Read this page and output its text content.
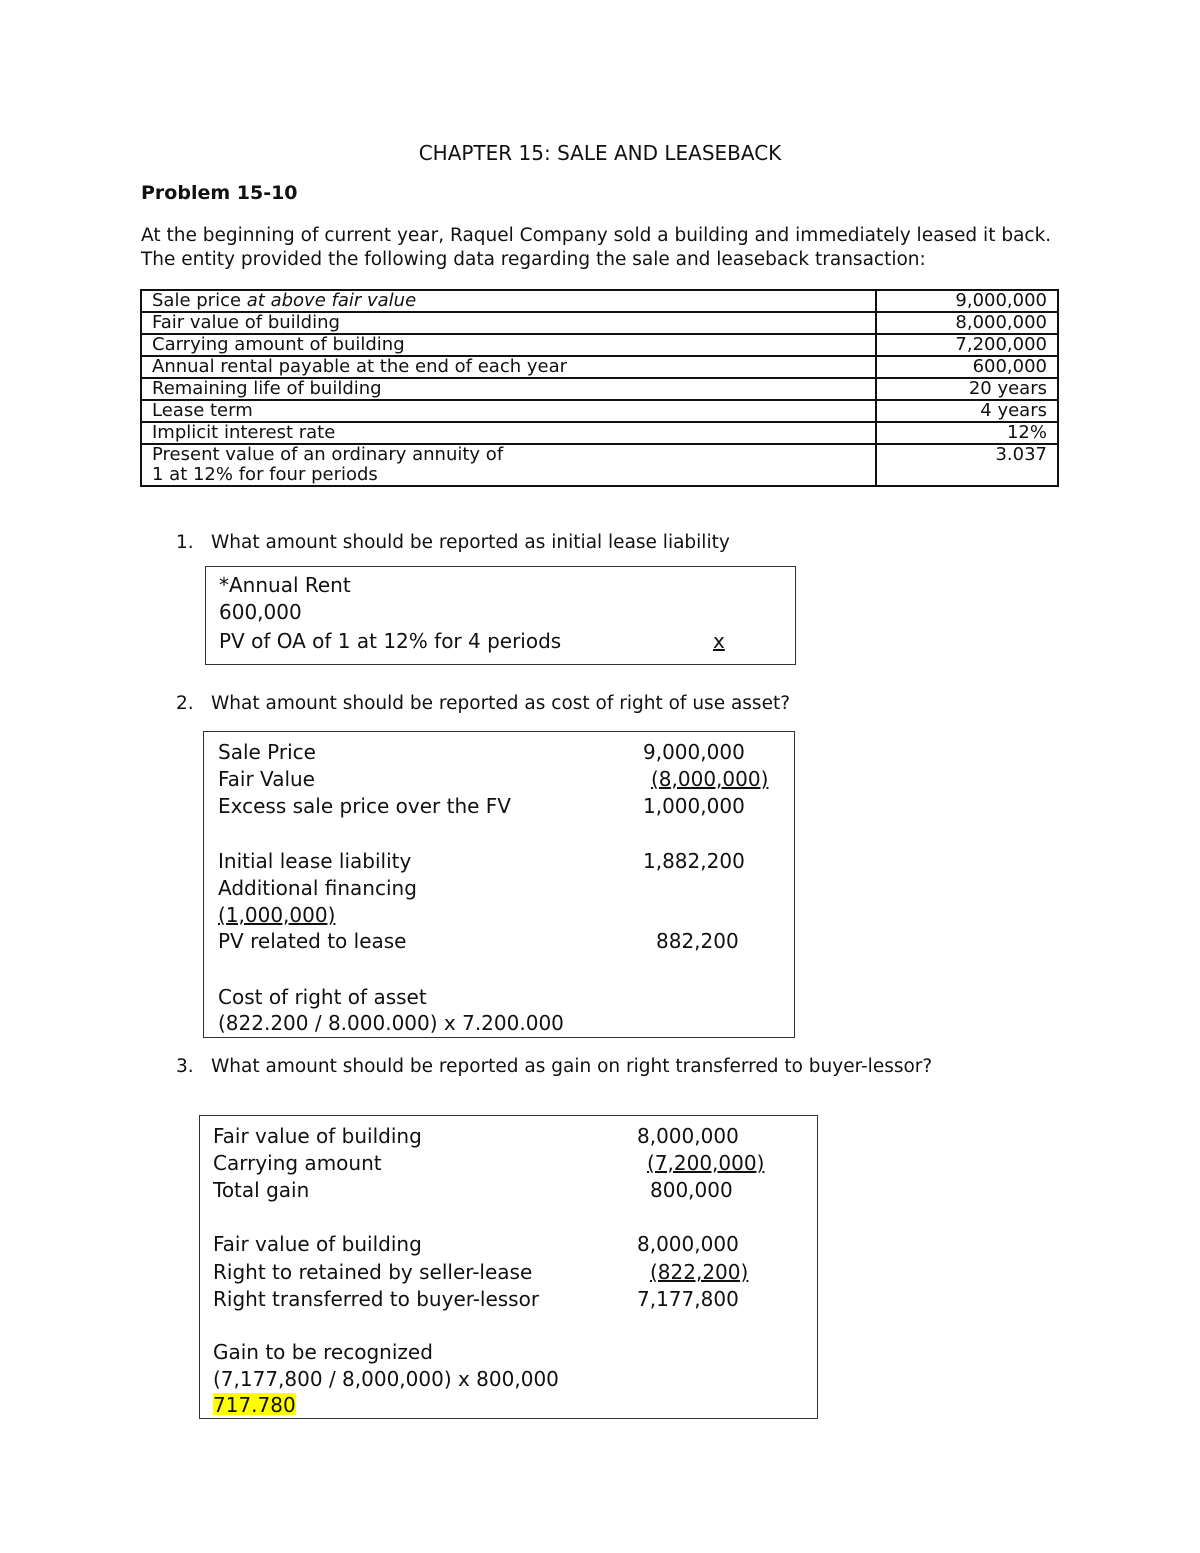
CHAPTER 15: SALE AND LEASEBACK
Problem 15-10
At the beginning of current year, Raquel Company sold a building and immediately leased it back. The entity provided the following data regarding the sale and leaseback transaction:
Sale price at above fair value	9,000,000
Fair value of building	8,000,000
Carrying amount of building	7,200,000
Annual rental payable at the end of each year	600,000
Remaining life of building	20 years
Lease term	4 years
Implicit interest rate	12%

Present value of an ordinary annuity of
1 at 12% for four periods	3.037
1. What amount should be reported as initial lease liability
*Annual Rent
600,000
PV of OA of 1 at 12% for 4 periods	x
2. What amount should be reported as cost of right of use asset?
Sale Price	9,000,000
Fair Value	(8,000,000)
Excess sale price over the FV	1,000,000
Initial lease liability	1,882,200
Additional financing
(1,000,000)
PV related to lease	882,200
Cost of right of asset
(822.200 / 8.000.000) x 7.200.000
3. What amount should be reported as gain on right transferred to buyer-lessor?
Fair value of building	8,000,000
Carrying amount	(7,200,000)
Total gain	800,000
Fair value of building	8,000,000
Right to retained by seller-lease	(822,200)
Right transferred to buyer-lessor	7,177,800
Gain to be recognized
(7,177,800 / 8,000,000) x 800,000
717.780
